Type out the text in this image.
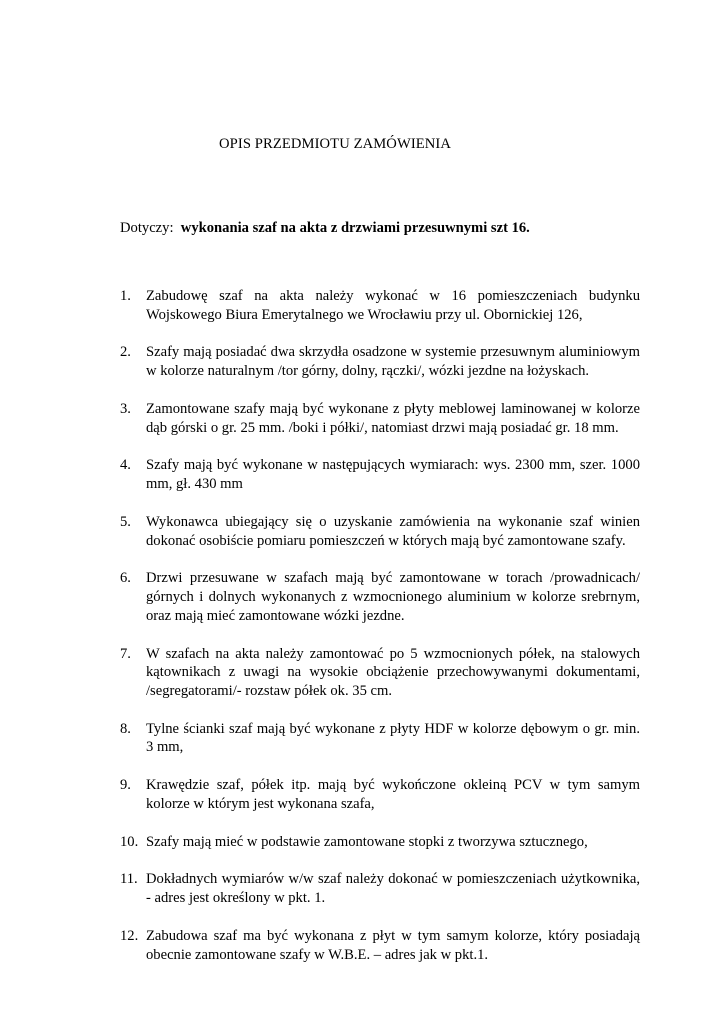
OPIS PRZEDMIOTU ZAMÓWIENIA
Dotyczy: wykonania szaf na akta z drzwiami przesuwnymi szt 16.
1. Zabudowę szaf na akta należy wykonać w 16 pomieszczeniach budynku Wojskowego Biura Emerytalnego we Wrocławiu przy ul. Obornickiej 126,
2. Szafy mają posiadać dwa skrzydła osadzone w systemie przesuwnym aluminiowym w kolorze naturalnym /tor górny, dolny, rączki/, wózki jezdne na łożyskach.
3. Zamontowane szafy mają być wykonane z płyty meblowej laminowanej w kolorze dąb górski o gr. 25 mm. /boki i półki/, natomiast drzwi mają posiadać gr. 18 mm.
4. Szafy mają być wykonane w następujących wymiarach: wys. 2300 mm, szer. 1000 mm, gł. 430 mm
5. Wykonawca ubiegający się o uzyskanie zamówienia na wykonanie szaf winien dokonać osobiście pomiaru pomieszczeń w których mają być zamontowane szafy.
6. Drzwi przesuwane w szafach mają być zamontowane w torach /prowadnicach/ górnych i dolnych wykonanych z wzmocnionego aluminium w kolorze srebrnym, oraz mają mieć zamontowane wózki jezdne.
7. W szafach na akta należy zamontować po 5 wzmocnionych półek, na stalowych kątownikach z uwagi na wysokie obciążenie przechowywanymi dokumentami, /segregatorami/- rozstaw półek ok. 35 cm.
8. Tylne ścianki szaf mają być wykonane z płyty HDF w kolorze dębowym o gr. min. 3 mm,
9. Krawędzie szaf, półek itp. mają być wykończone okleiną PCV w tym samym kolorze w którym jest wykonana szafa,
10. Szafy mają mieć w podstawie zamontowane stopki z tworzywa sztucznego,
11. Dokładnych wymiarów w/w szaf należy dokonać w pomieszczeniach użytkownika, - adres jest określony w pkt. 1.
12. Zabudowa szaf ma być wykonana z płyt w tym samym kolorze, który posiadają obecnie zamontowane szafy w W.B.E. – adres jak w pkt.1.
